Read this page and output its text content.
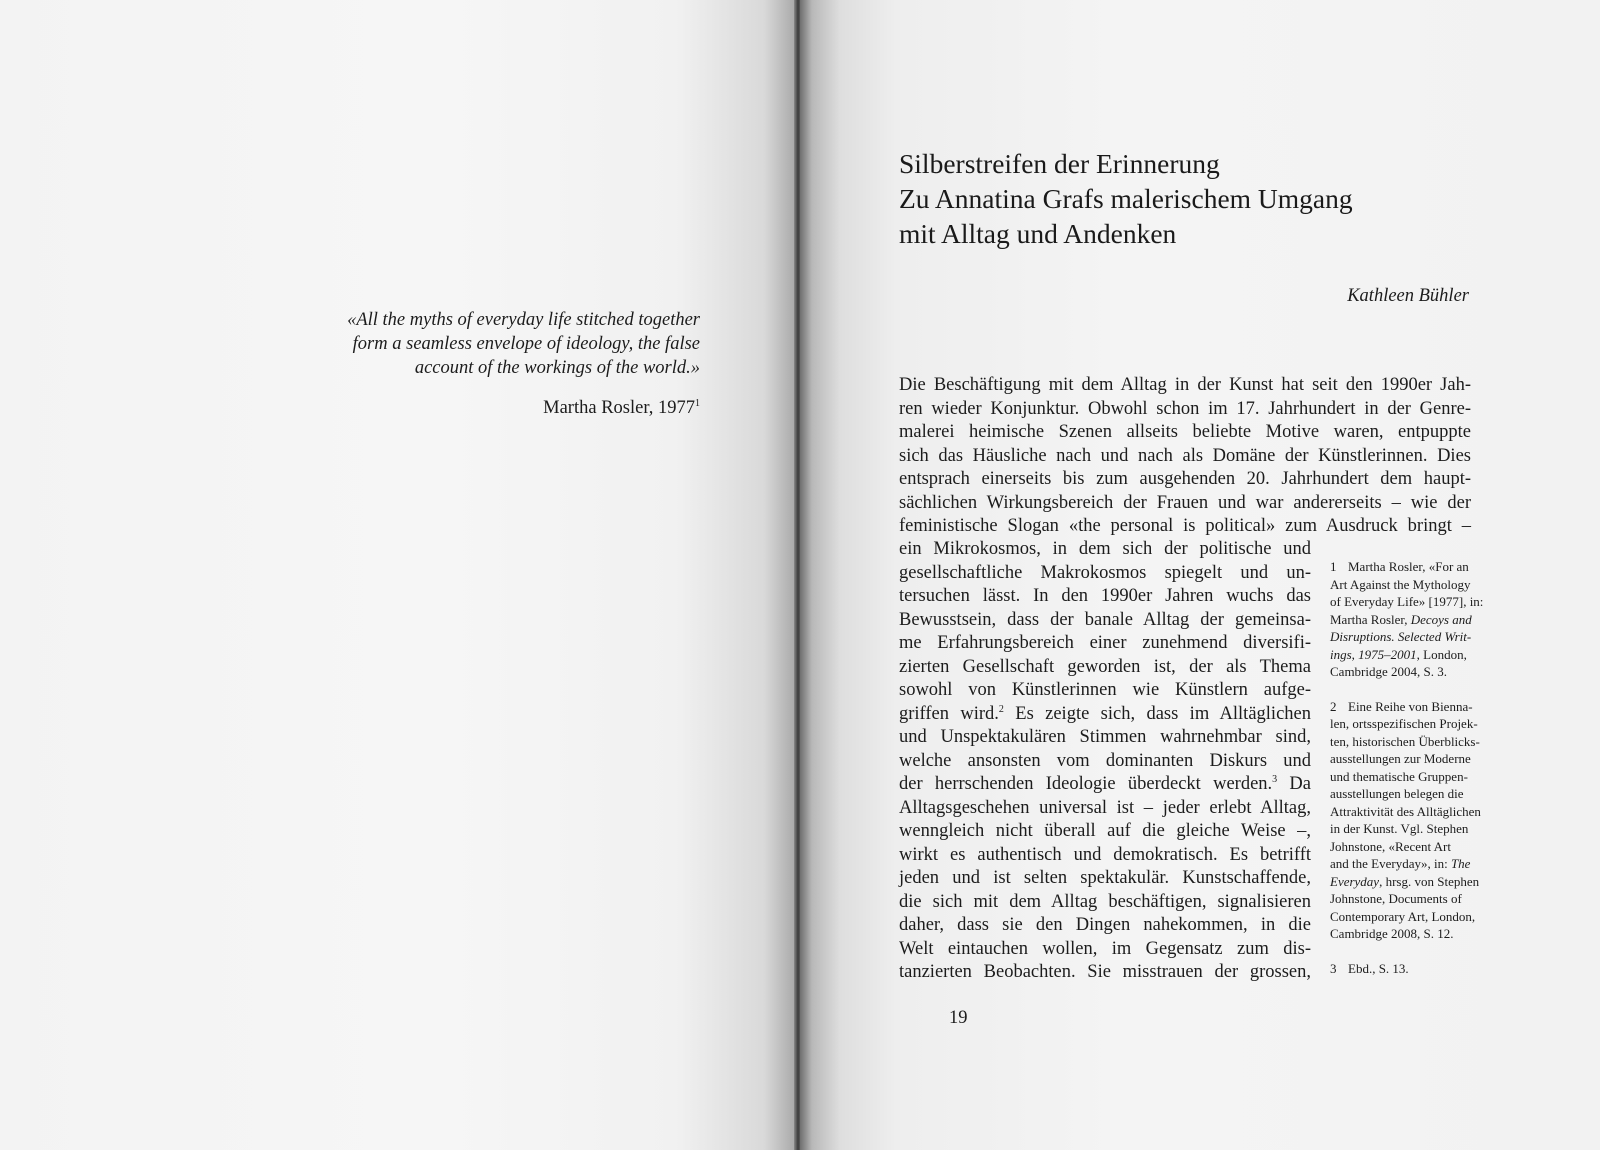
«All the myths of everyday life stitched together
form a seamless envelope of ideology, the false
account of the workings of the world.»

Martha Rosler, 1977$^1$
Silberstreifen der Erinnerung
Zu Annatina Grafs malerischem Umgang
mit Alltag und Andenken
Kathleen Bühler
Die Beschäftigung mit dem Alltag in der Kunst hat seit den 1990er Jah-
ren wieder Konjunktur. Obwohl schon im 17. Jahrhundert in der Genre-
malerei heimische Szenen allseits beliebte Motive waren, entpuppte
sich das Häusliche nach und nach als Domäne der Künstlerinnen. Dies
entsprach einerseits bis zum ausgehenden 20. Jahrhundert dem haupt-
sächlichen Wirkungsbereich der Frauen und war andererseits – wie der
feministische Slogan «the personal is political» zum Ausdruck bringt –
ein Mikrokosmos, in dem sich der politische und
gesellschaftliche Makrokosmos spiegelt und un-
tersuchen lässt. In den 1990er Jahren wuchs das
Bewusstsein, dass der banale Alltag der gemeinsa-
me Erfahrungsbereich einer zunehmend diversifi-
zierten Gesellschaft geworden ist, der als Thema
sowohl von Künstlerinnen wie Künstlern aufge-
griffen wird.$^2$ Es zeigte sich, dass im Alltäglichen
und Unspektakulären Stimmen wahrnehmbar sind,
welche ansonsten vom dominanten Diskurs und
der herrschenden Ideologie überdeckt werden.$^3$ Da
Alltagsgeschehen universal ist – jeder erlebt Alltag,
wenngleich nicht überall auf die gleiche Weise –,
wirkt es authentisch und demokratisch. Es betrifft
jeden und ist selten spektakulär. Kunstschaffende,
die sich mit dem Alltag beschäftigen, signalisieren
daher, dass sie den Dingen nahekommen, in die
Welt eintauchen wollen, im Gegensatz zum dis-
tanzierten Beobachten. Sie misstrauen der grossen,
1 Martha Rosler, «For an
Art Against the Mythology
of Everyday Life» [1977], in:
Martha Rosler, Decoys and
Disruptions. Selected Writ-
ings, 1975–2001, London,
Cambridge 2004, S. 3.
2 Eine Reihe von Bienna-
len, ortsspezifischen Projek-
ten, historischen Überblicks-
ausstellungen zur Moderne
und thematische Gruppen-
ausstellungen belegen die
Attraktivität des Alltäglichen
in der Kunst. Vgl. Stephen
Johnstone, «Recent Art
and the Everyday», in: The
Everyday, hrsg. von Stephen
Johnstone, Documents of
Contemporary Art, London,
Cambridge 2008, S. 12.
3 Ebd., S. 13.
19
